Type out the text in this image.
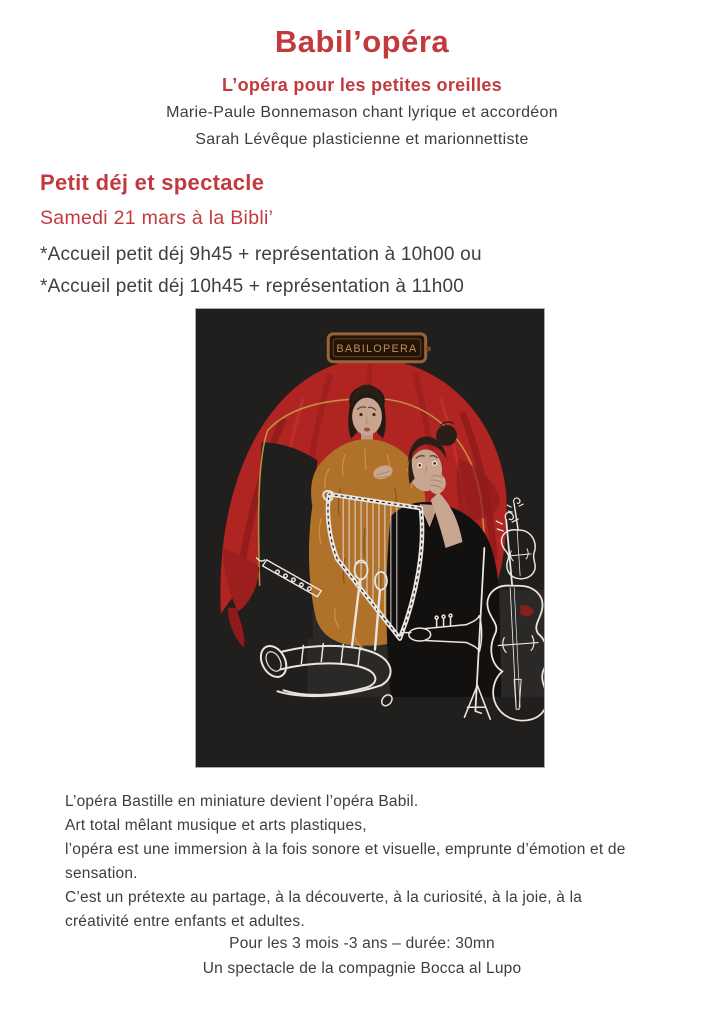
Babil’opéra
L’opéra pour les petites oreilles
Marie-Paule Bonnemason chant lyrique et accordéon
Sarah Lévêque plasticienne et marionnettiste
Petit déj et spectacle
Samedi 21 mars à la Bibli’
*Accueil petit déj 9h45 + représentation à 10h00 ou
*Accueil petit déj 10h45 + représentation à 11h00
BABILOPERA
L’opéra Bastille en miniature devient l’opéra Babil.
Art total mêlant musique et arts plastiques,
l’opéra est une immersion à la fois sonore et visuelle, emprunte d’émotion et de
sensation.
C’est un prétexte au partage, à la découverte, à la curiosité, à la joie, à la
créativité entre enfants et adultes.
Pour les 3 mois -3 ans – durée: 30mn
Un spectacle de la compagnie Bocca al Lupo
